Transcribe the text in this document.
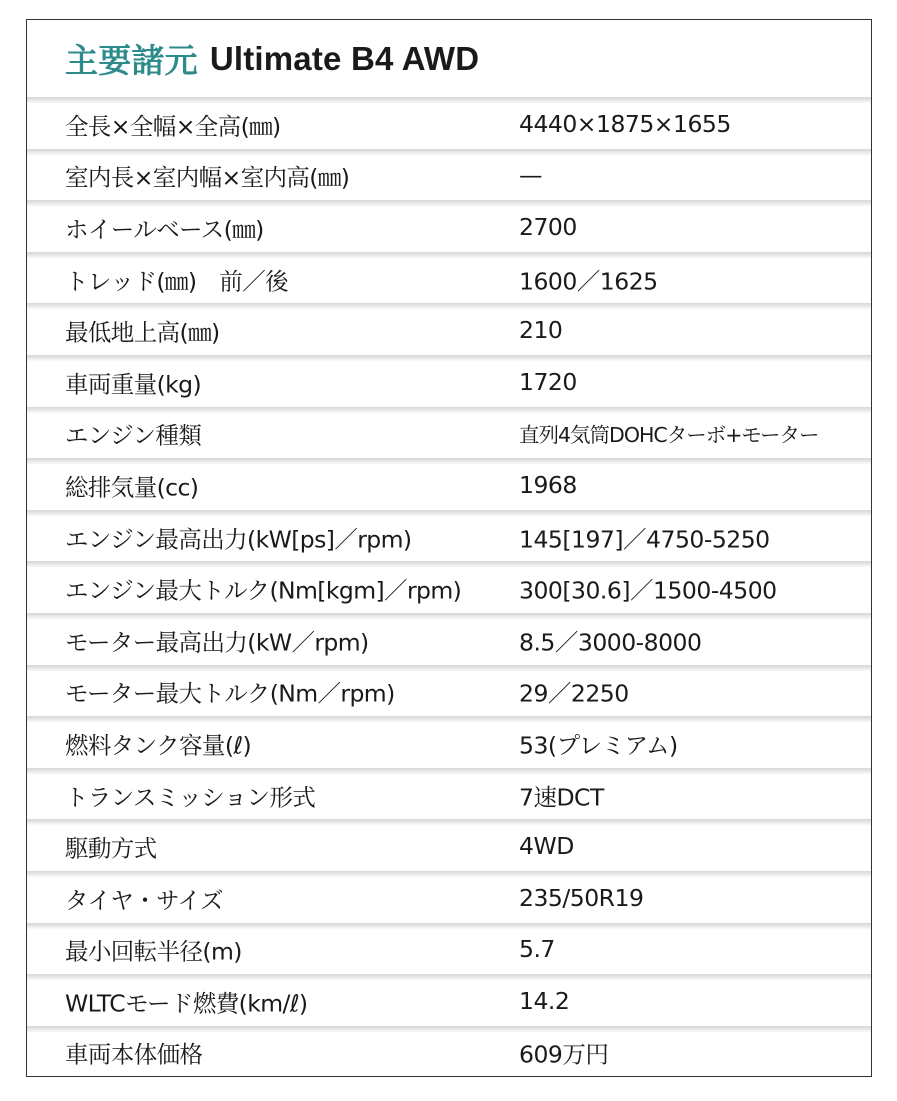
主要諸元 Ultimate B4 AWD
全長×全幅×全高(㎜)	4440×1875×1655
室内長×室内幅×室内高(㎜)	—
ホイールベース(㎜)	2700
トレッド(㎜)　前／後	1600／1625
最低地上高(㎜)	210
車両重量(kg)	1720
エンジン種類	直列4気筒DOHCターボ+モーター
総排気量(cc)	1968
エンジン最高出力(kW[ps]／rpm)	145[197]／4750-5250
エンジン最大トルク(Nm[kgm]／rpm) 300[30.6]／1500-4500
モーター最高出力(kW／rpm)	8.5／3000-8000
モーター最大トルク(Nm／rpm)	29／2250
燃料タンク容量(ℓ)	53(プレミアム)
トランスミッション形式	7速DCT
駆動方式	4WD
タイヤ・サイズ	235/50R19
最小回転半径(m)	5.7
WLTCモード燃費(km/ℓ)	14.2
車両本体価格	609万円
